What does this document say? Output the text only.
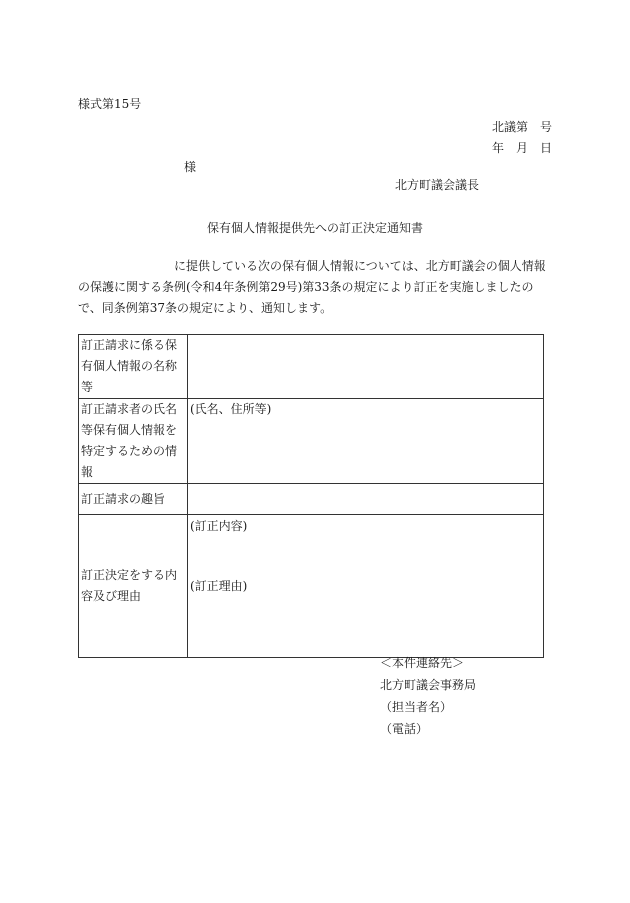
様式第15号
北議第　号
年　月　日
様
北方町議会議長
保有個人情報提供先への訂正決定通知書
に提供している次の保有個人情報については、北方町議会の個人情報の保護に関する条例(令和4年条例第29号)第33条の規定により訂正を実施しましたので、同条例第37条の規定により、通知します。
訂正請求に係る保有個人情報の名称等	
訂正請求者の氏名等保有個人情報を特定するための情報	(氏名、住所等)
訂正請求の趣旨	
訂正決定をする内容及び理由	(訂正内容)
(訂正理由)
＜本件連絡先＞
北方町議会事務局
（担当者名）
（電話）
